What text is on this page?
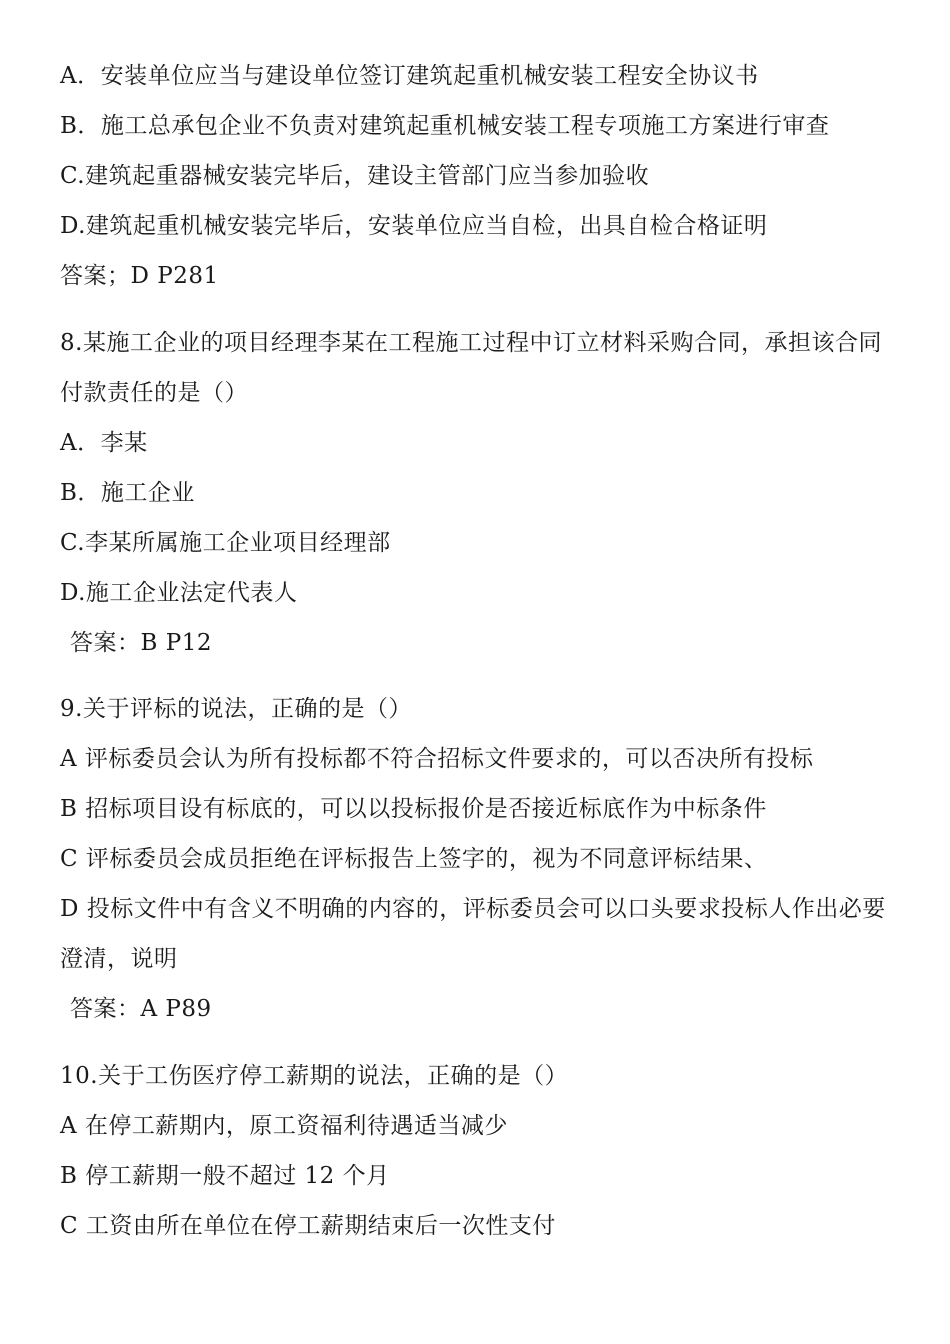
A．安装单位应当与建设单位签订建筑起重机械安装工程安全协议书
B．施工总承包企业不负责对建筑起重机械安装工程专项施工方案进行审查
C.建筑起重器械安装完毕后，建设主管部门应当参加验收
D.建筑起重机械安装完毕后，安装单位应当自检，出具自检合格证明
答案；D P281
8.某施工企业的项目经理李某在工程施工过程中订立材料采购合同，承担该合同
付款责任的是（）
A．李某
B．施工企业
C.李某所属施工企业项目经理部
D.施工企业法定代表人
答案：B P12
9.关于评标的说法，正确的是（）
A 评标委员会认为所有投标都不符合招标文件要求的，可以否决所有投标
B 招标项目设有标底的，可以以投标报价是否接近标底作为中标条件
C 评标委员会成员拒绝在评标报告上签字的，视为不同意评标结果、
D 投标文件中有含义不明确的内容的，评标委员会可以口头要求投标人作出必要
澄清，说明
答案：A P89
10.关于工伤医疗停工薪期的说法，正确的是（）
A 在停工薪期内，原工资福利待遇适当减少
B 停工薪期一般不超过 12 个月
C 工资由所在单位在停工薪期结束后一次性支付
